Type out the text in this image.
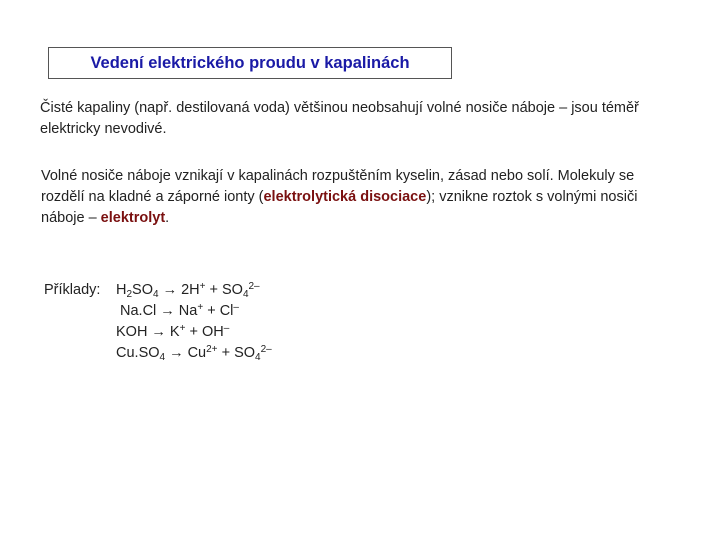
Vedení elektrického proudu v kapalinách
Čisté kapaliny (např. destilovaná voda) většinou neobsahují volné nosiče náboje – jsou téměř elektricky nevodivé.
Volné nosiče náboje vznikají v kapalinách rozpuštěním kyselin, zásad nebo solí. Molekuly se rozdělí na kladné a záporné ionty (elektrolytická disociace); vznikne roztok s volnými nosiči náboje – elektrolyt.
Příklady: $H_2SO_4 \to 2H^+ + SO_4^{2-}$
Na.Cl → Na+ + Cl–
KOH → K+ + OH–
$Cu.SO_4 \to Cu^{2+} + SO_4^{2-}$
